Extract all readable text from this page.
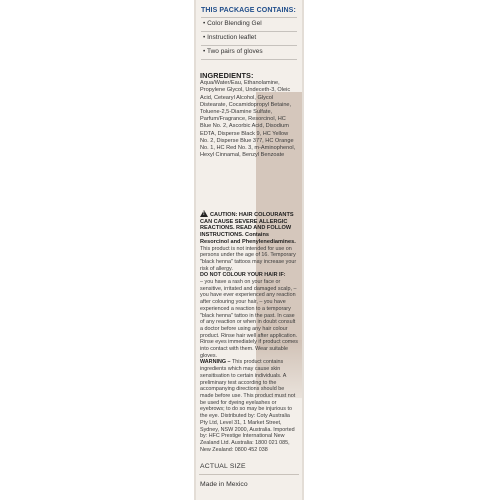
THIS PACKAGE CONTAINS:
• Color Blending Gel
• Instruction leaflet
• Two pairs of gloves
INGREDIENTS:
Aqua/Water/Eau, Ethanolamine, Propylene Glycol, Undeceth-3, Oleic Acid, Cetearyl Alcohol, Glycol Distearate, Cocamidopropyl Betaine, Toluene-2,5-Diamine Sulfate, Parfum/Fragrance, Resorcinol, HC Blue No. 2, Ascorbic Acid, Disodium EDTA, Disperse Black 9, HC Yellow No. 2, Disperse Blue 377, HC Orange No. 1, HC Red No. 3, m-Aminophenol, Hexyl Cinnamal, Benzyl Benzoate
!CAUTION: HAIR COLOURANTS CAN CAUSE SEVERE ALLERGIC REACTIONS. READ AND FOLLOW INSTRUCTIONS. Contains Resorcinol and Phenylenediamines.
This product is not intended for use on persons under the age of 16. Temporary "black henna" tattoos may increase your risk of allergy.
DO NOT COLOUR YOUR HAIR IF:
– you have a rash on your face or sensitive, irritated and damaged scalp, – you have ever experienced any reaction after colouring your hair, – you have experienced a reaction to a temporary "black henna" tattoo in the past. In case of any reaction or when in doubt consult a doctor before using any hair colour product. Rinse hair well after application. Rinse eyes immediately if product comes into contact with them. Wear suitable gloves.
WARNING – This product contains ingredients which may cause skin sensitisation to certain individuals. A preliminary test according to the accompanying directions should be made before use. This product must not be used for dyeing eyelashes or eyebrows; to do so may be injurious to the eye. Distributed by: Coty Australia Pty Ltd, Level 31, 1 Market Street, Sydney, NSW 2000, Australia. Imported by: HFC Prestige International New Zealand Ltd. Australia: 1800 021 085, New Zealand: 0800 452 038
ACTUAL SIZE
Made in Mexico
